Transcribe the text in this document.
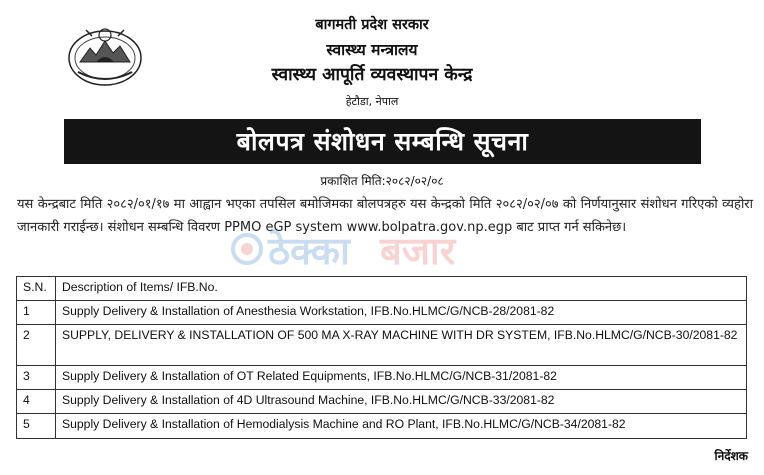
बागमती प्रदेश सरकार
स्वास्थ्य मन्त्रालय
स्वास्थ्य आपूर्ति व्यवस्थापन केन्द्र
हेटौडा, नेपाल
बोलपत्र संशोधन सम्बन्धि सूचना
प्रकाशित मिति:२०८२/०२/०८
यस केन्द्रबाट मिति २०८२/०१/१७ मा आह्वान भएका तपसिल बमोजिमका बोलपत्रहरु यस केन्द्रको मिति २०८२/०२/०७ को निर्णयानुसार संशोधन गरिएको व्यहोरा जानकारी गराईन्छ। संशोधन सम्बन्धि विवरण PPMO eGP system www.bolpatra.gov.np.egp बाट प्राप्त गर्न सकिनेछ।
ठेक्का बजार
S.N.	Description of Items/ IFB.No.
1	Supply Delivery & Installation of Anesthesia Workstation, IFB.No.HLMC/G/NCB-28/2081-82
2	SUPPLY, DELIVERY & INSTALLATION OF 500 MA X-RAY MACHINE WITH DR SYSTEM, IFB.No.HLMC/G/NCB-30/2081-82
3	Supply Delivery & Installation of OT Related Equipments, IFB.No.HLMC/G/NCB-31/2081-82
4	Supply Delivery & Installation of 4D Ultrasound Machine, IFB.No.HLMC/G/NCB-33/2081-82
5	Supply Delivery & Installation of Hemodialysis Machine and RO Plant, IFB.No.HLMC/G/NCB-34/2081-82
निर्देशक
